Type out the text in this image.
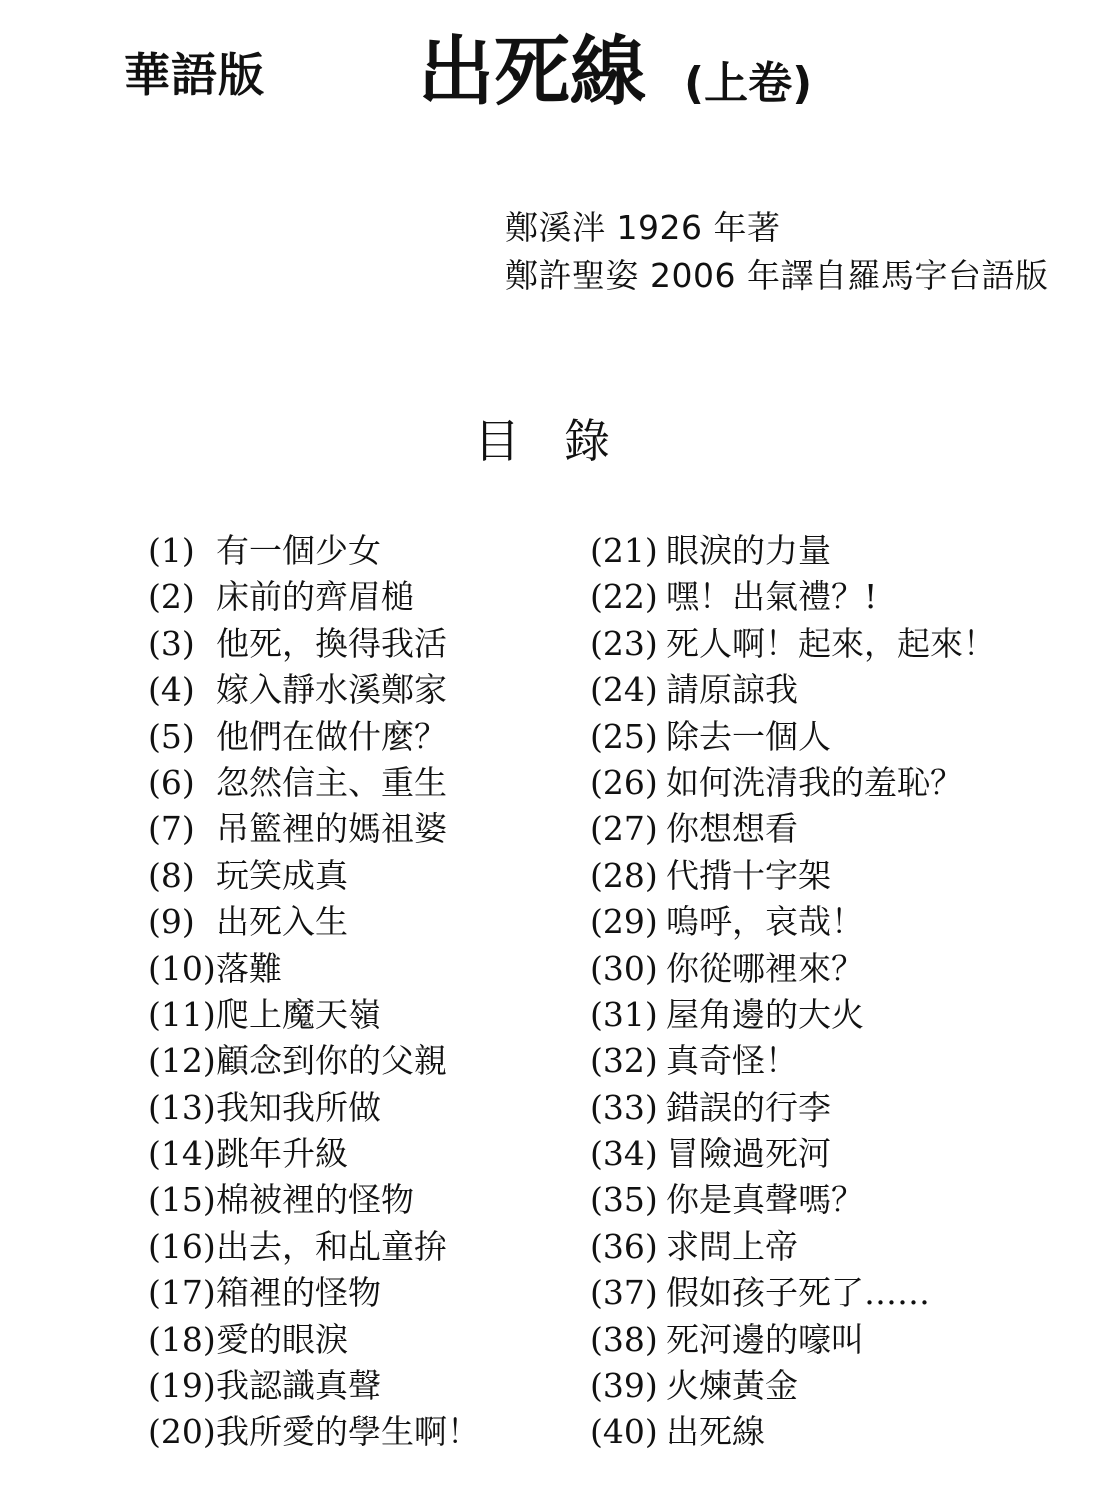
華語版 出死線 (上卷)
鄭溪泮 1926 年著
鄭許聖姿 2006 年譯自羅馬字台語版
目 錄
(1) 有一個少女
(2) 床前的齊眉槌
(3) 他死，換得我活
(4) 嫁入靜水溪鄭家
(5) 他們在做什麼？
(6) 忽然信主、重生
(7) 吊籃裡的媽祖婆
(8) 玩笑成真
(9) 出死入生
(10)落難
(11)爬上魔天嶺
(12)顧念到你的父親
(13)我知我所做
(14)跳年升級
(15)棉被裡的怪物
(16)出去，和乩童拚
(17)箱裡的怪物
(18)愛的眼淚
(19)我認識真聲
(20)我所愛的學生啊！
(21) 眼淚的力量
(22) 嘿！出氣禮？!
(23) 死人啊！起來，起來！
(24) 請原諒我
(25) 除去一個人
(26) 如何洗清我的羞恥？
(27) 你想想看
(28) 代揹十字架
(29) 嗚呼，哀哉！
(30) 你從哪裡來？
(31) 屋角邊的大火
(32) 真奇怪！
(33) 錯誤的行李
(34) 冒險過死河
(35) 你是真聲嗎？
(36) 求問上帝
(37) 假如孩子死了……
(38) 死河邊的嚎叫
(39) 火煉黃金
(40) 出死線
